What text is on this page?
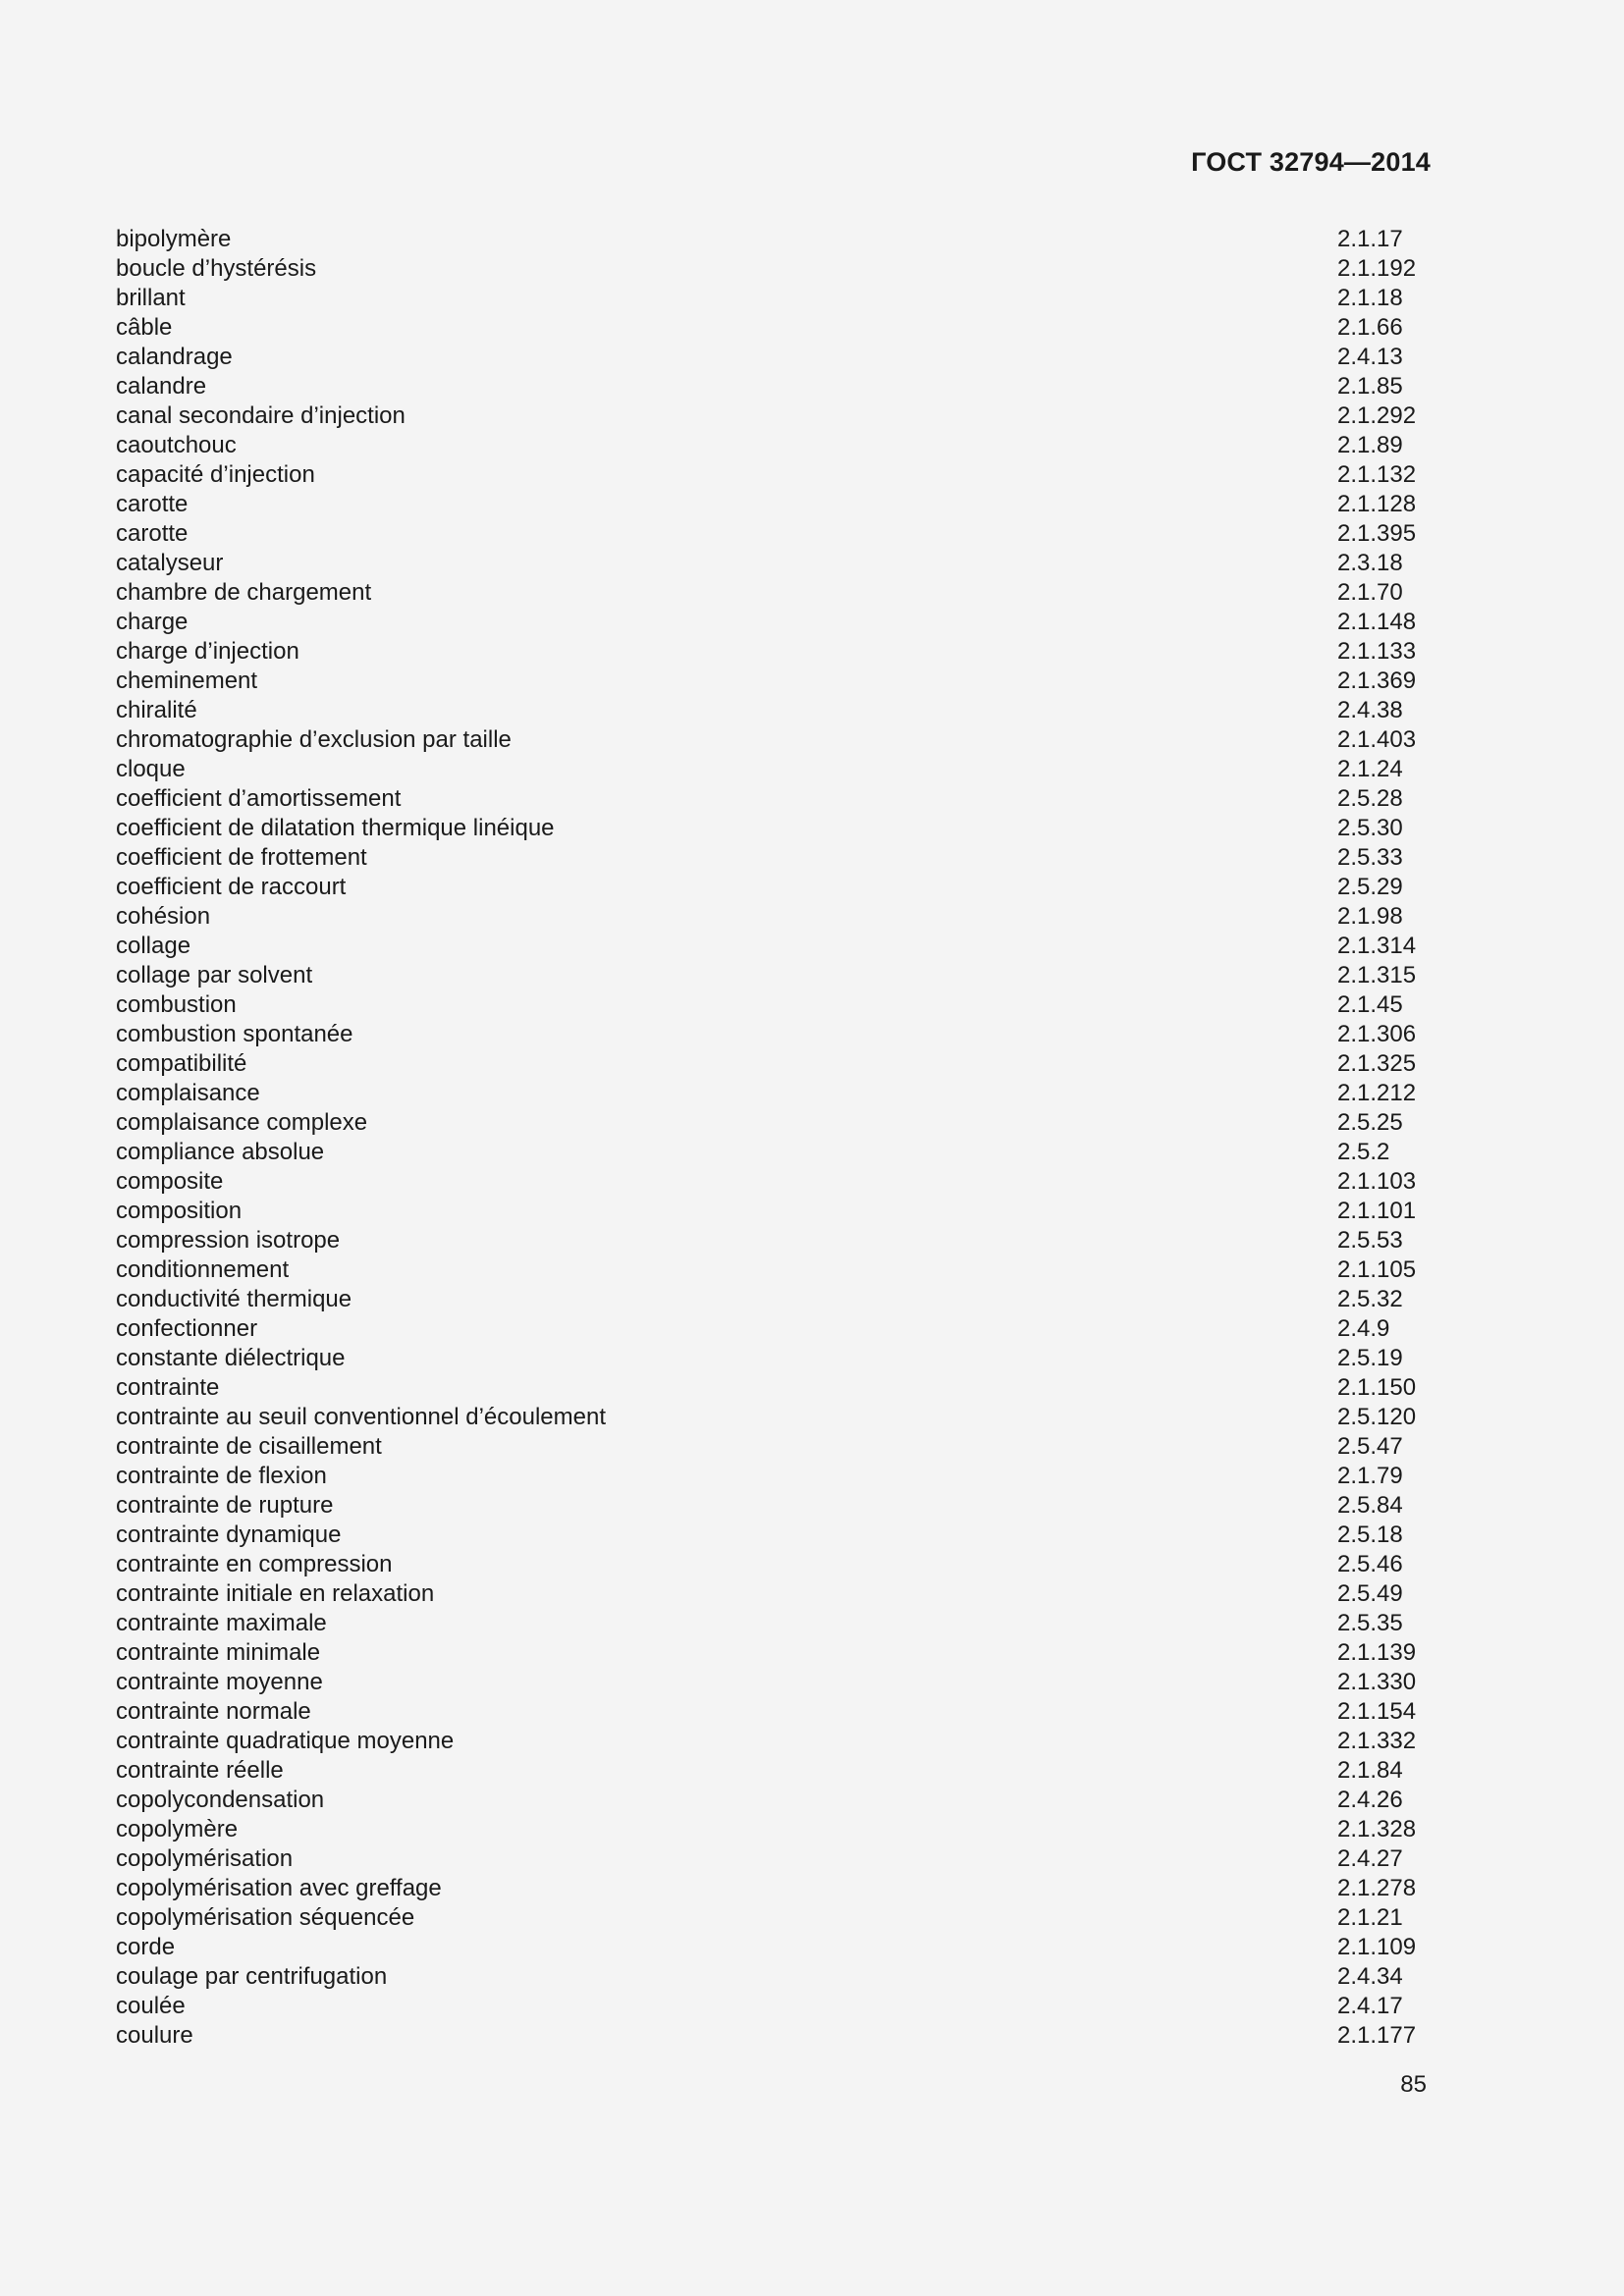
ГОСТ 32794—2014
bipolymère	2.1.17
boucle d’hystérésis	2.1.192
brillant	2.1.18
câble	2.1.66
calandrage	2.4.13
calandre	2.1.85
canal secondaire d’injection	2.1.292
caoutchouc	2.1.89
capacité d’injection	2.1.132
carotte	2.1.128
carotte	2.1.395
catalyseur	2.3.18
chambre de chargement	2.1.70
charge	2.1.148
charge d’injection	2.1.133
cheminement	2.1.369
chiralité	2.4.38
chromatographie d’exclusion par taille	2.1.403
cloque	2.1.24
coefficient d’amortissement	2.5.28
coefficient de dilatation thermique linéique	2.5.30
coefficient de frottement	2.5.33
coefficient de raccourt	2.5.29
cohésion	2.1.98
collage	2.1.314
collage par solvent	2.1.315
combustion	2.1.45
combustion spontanée	2.1.306
compatibilité	2.1.325
complaisance	2.1.212
complaisance complexe	2.5.25
compliance absolue	2.5.2
composite	2.1.103
composition	2.1.101
compression isotrope	2.5.53
conditionnement	2.1.105
conductivité thermique	2.5.32
confectionner	2.4.9
constante diélectrique	2.5.19
contrainte	2.1.150
contrainte au seuil conventionnel d’écoulement	2.5.120
contrainte de cisaillement	2.5.47
contrainte de flexion	2.1.79
contrainte de rupture	2.5.84
contrainte dynamique	2.5.18
contrainte en compression	2.5.46
contrainte initiale en relaxation	2.5.49
contrainte maximale	2.5.35
contrainte minimale	2.1.139
contrainte moyenne	2.1.330
contrainte normale	2.1.154
contrainte quadratique moyenne	2.1.332
contrainte réelle	2.1.84
copolycondensation	2.4.26
copolymère	2.1.328
copolymérisation	2.4.27
copolymérisation avec greffage	2.1.278
copolymérisation séquencée	2.1.21
corde	2.1.109
coulage par centrifugation	2.4.34
coulée	2.4.17
coulure	2.1.177
85
